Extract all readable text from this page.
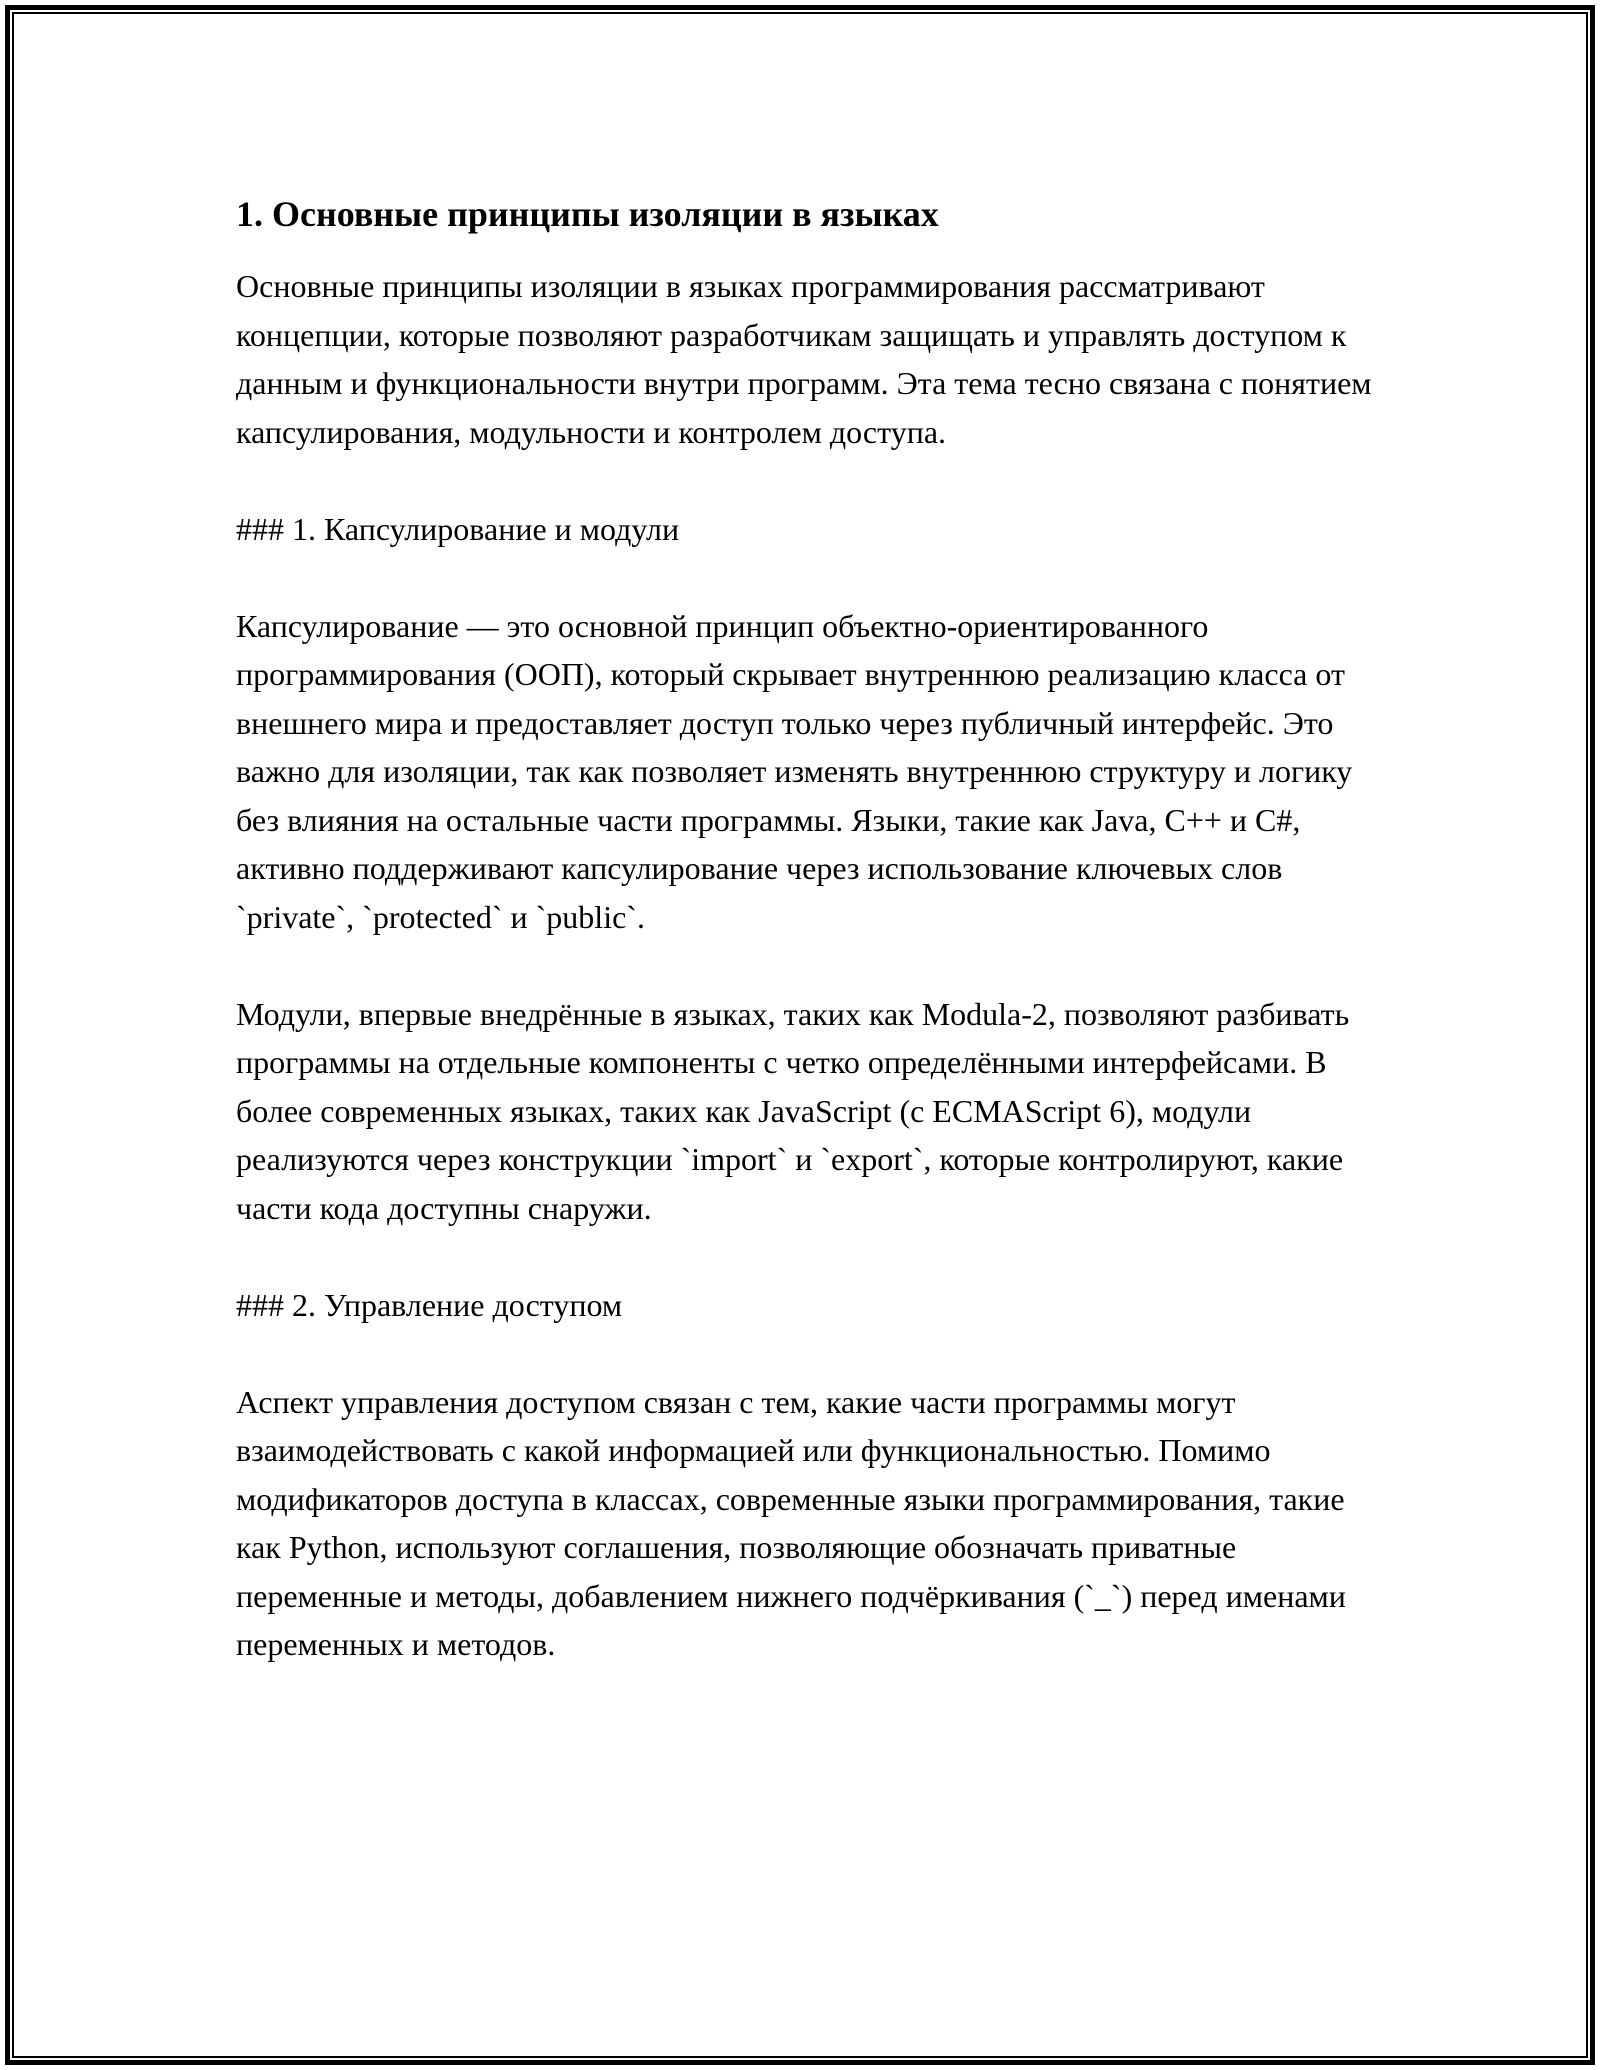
1. Основные принципы изоляции в языках

Основные принципы изоляции в языках программирования рассматривают концепции, которые позволяют разработчикам защищать и управлять доступом к данным и функциональности внутри программ. Эта тема тесно связана с понятием капсулирования, модульности и контролем доступа.

### 1. Капсулирование и модули

Капсулирование — это основной принцип объектно-ориентированного программирования (ООП), который скрывает внутреннюю реализацию класса от внешнего мира и предоставляет доступ только через публичный интерфейс. Это важно для изоляции, так как позволяет изменять внутреннюю структуру и логику без влияния на остальные части программы. Языки, такие как Java, C++ и C#, активно поддерживают капсулирование через использование ключевых слов `private`, `protected` и `public`.

Модули, впервые внедрённые в языках, таких как Modula-2, позволяют разбивать программы на отдельные компоненты с четко определёнными интерфейсами. В более современных языках, таких как JavaScript (с ECMAScript 6), модули реализуются через конструкции `import` и `export`, которые контролируют, какие части кода доступны снаружи.

### 2. Управление доступом

Аспект управления доступом связан с тем, какие части программы могут взаимодействовать с какой информацией или функциональностью. Помимо модификаторов доступа в классах, современные языки программирования, такие как Python, используют соглашения, позволяющие обозначать приватные переменные и методы, добавлением нижнего подчёркивания (`_`) перед именами переменных и методов.
